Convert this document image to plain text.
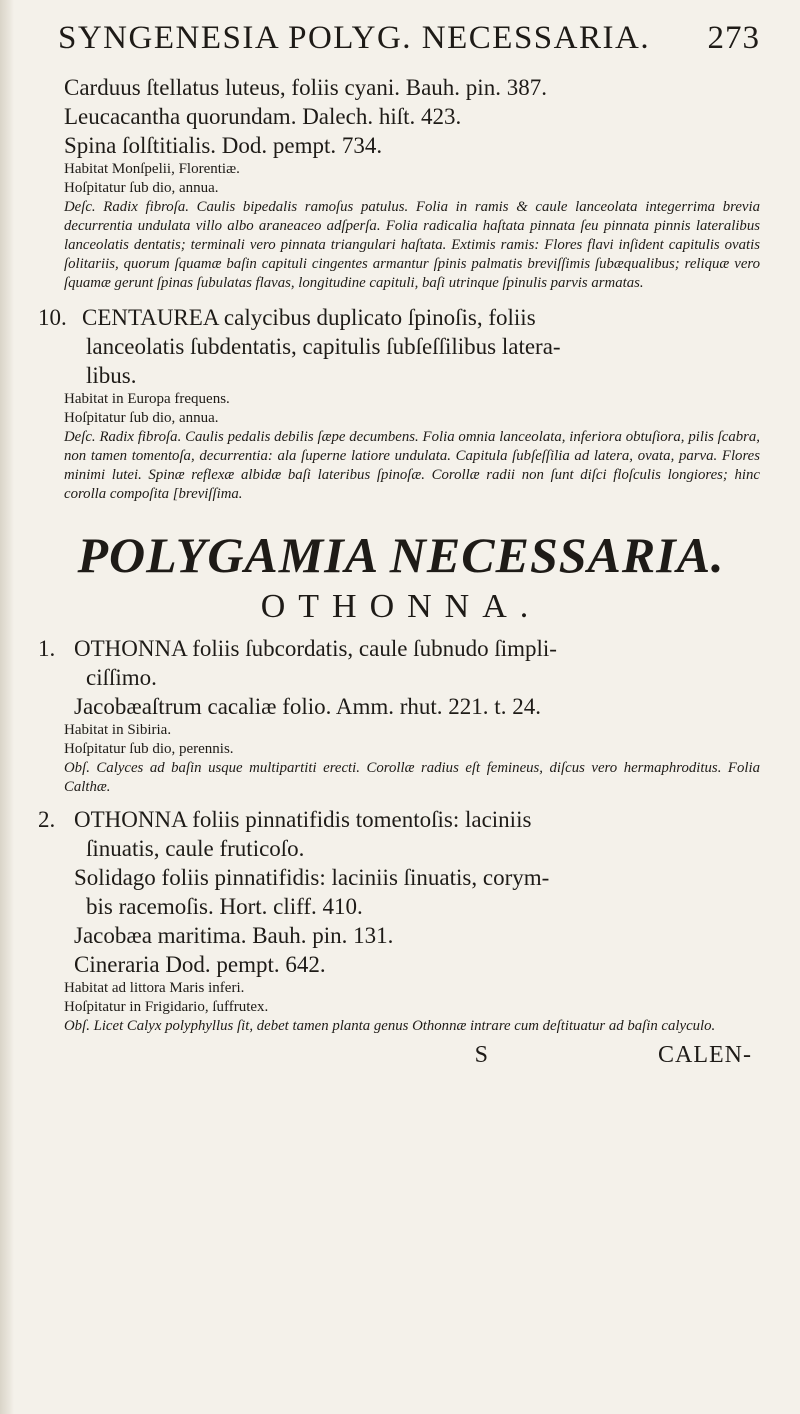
SYNGENESIA POLYG. NECESSARIA. 273

Carduus ſtellatus luteus, foliis cyani. Bauh. pin. 387.

Leucacantha quorundam. Dalech. hiſt. 423.

Spina ſolſtitialis. Dod. pempt. 734.

Habitat Monſpelii, Florentiæ.

Hoſpitatur ſub dio, annua.

Deſc. Radix fibroſa. Caulis bipedalis ramoſus patulus. Folia in ramis & caule lanceolata integerrima brevia decurrentia undulata villo albo araneaceo adſperſa. Folia radicalia haſtata pinnata ſeu pinnata pinnis lateralibus lanceolatis dentatis; terminali vero pinnata triangulari haſtata. Extimis ramis: Flores flavi inſident capitulis ovatis ſolitariis, quorum ſquamæ baſin capituli cingentes armantur ſpinis palmatis breviſſimis ſubæqualibus; reliquæ vero ſquamæ gerunt ſpinas ſubulatas flavas, longitudine capituli, baſi utrinque ſpinulis parvis armatas.

10. CENTAUREA calycibus duplicato ſpinoſis, foliis

lanceolatis ſubdentatis, capitulis ſubſeſſilibus latera-

libus.

Habitat in Europa frequens.

Hoſpitatur ſub dio, annua.

Deſc. Radix fibroſa. Caulis pedalis debilis ſæpe decumbens. Folia omnia lanceolata, inferiora obtuſiora, pilis ſcabra, non tamen tomentoſa, decurrentia: ala ſuperne latiore undulata. Capitula ſubſeſſilia ad latera, ovata, parva. Flores minimi lutei. Spinæ reflexæ albidæ baſi lateribus ſpinoſæ. Corollæ radii non ſunt diſci floſculis longiores; hinc corolla compoſita [breviſſima.

POLYGAMIA NECESSARIA.
OTHONNA.
1. OTHONNA foliis ſubcordatis, caule ſubnudo ſimpli-

ciſſimo.

Jacobæaſtrum cacaliæ folio. Amm. rhut. 221. t. 24.

Habitat in Sibiria.

Hoſpitatur ſub dio, perennis.

Obſ. Calyces ad baſin usque multipartiti erecti. Corollæ radius eſt femineus, diſcus vero hermaphroditus. Folia Calthæ.

2. OTHONNA foliis pinnatifidis tomentoſis: laciniis

ſinuatis, caule fruticoſo.

Solidago foliis pinnatifidis: laciniis ſinuatis, corym-

bis racemoſis. Hort. cliff. 410.

Jacobæa maritima. Bauh. pin. 131.

Cineraria Dod. pempt. 642.

Habitat ad littora Maris inferi.

Hoſpitatur in Frigidario, ſuffrutex.

Obſ. Licet Calyx polyphyllus ſit, debet tamen planta genus Othonnæ intrare cum deſtituatur ad baſin calyculo.

S	CALEN-
